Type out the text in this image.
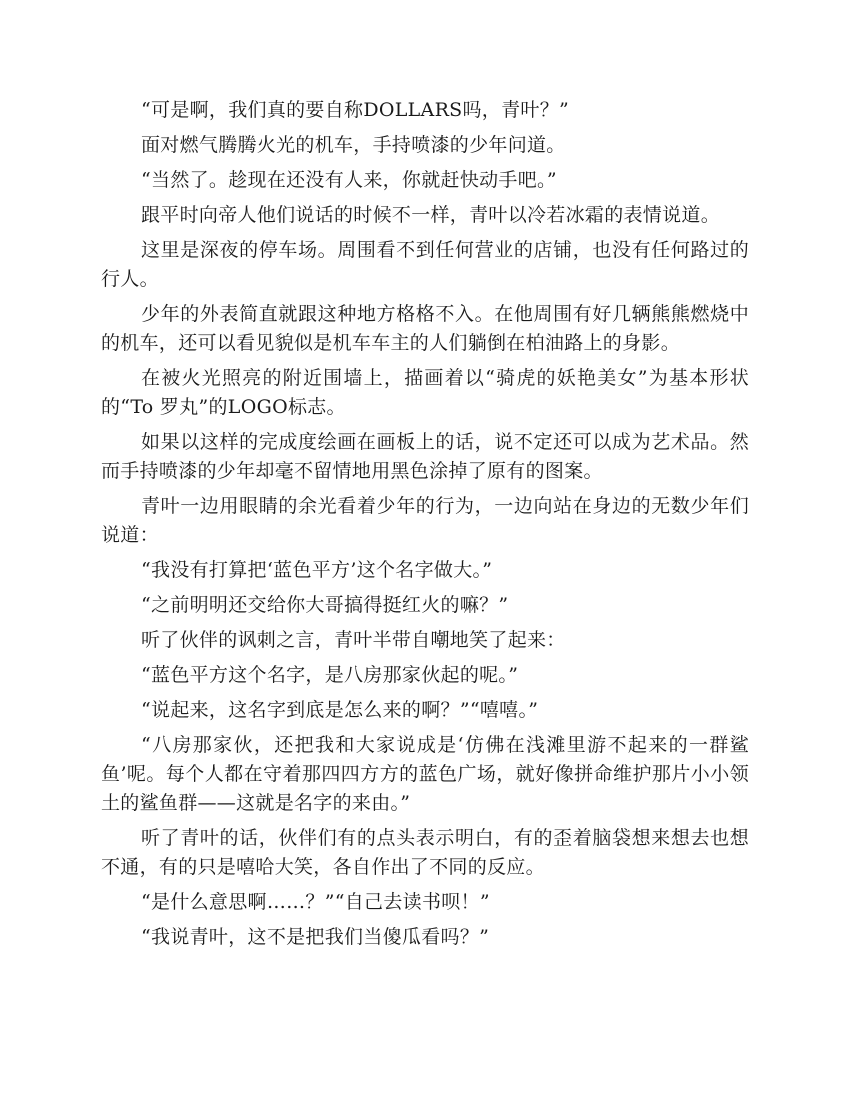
“可是啊，我们真的要自称DOLLARS吗，青叶？”

面对燃气腾腾火光的机车，手持喷漆的少年问道。

“当然了。趁现在还没有人来，你就赶快动手吧。”

跟平时向帝人他们说话的时候不一样，青叶以冷若冰霜的表情说道。

这里是深夜的停车场。周围看不到任何营业的店铺，也没有任何路过的行人。

少年的外表简直就跟这种地方格格不入。在他周围有好几辆熊熊燃烧中的机车，还可以看见貌似是机车车主的人们躺倒在柏油路上的身影。

在被火光照亮的附近围墙上，描画着以“骑虎的妖艳美女”为基本形状的“To 罗丸”的LOGO标志。

如果以这样的完成度绘画在画板上的话，说不定还可以成为艺术品。然而手持喷漆的少年却毫不留情地用黑色涂掉了原有的图案。

青叶一边用眼睛的余光看着少年的行为，一边向站在身边的无数少年们说道：

“我没有打算把‘蓝色平方’这个名字做大。”

“之前明明还交给你大哥搞得挺红火的嘛？”

听了伙伴的讽刺之言，青叶半带自嘲地笑了起来：

“蓝色平方这个名字，是八房那家伙起的呢。”

“说起来，这名字到底是怎么来的啊？”“嘻嘻。”

“八房那家伙，还把我和大家说成是‘仿佛在浅滩里游不起来的一群鲨鱼’呢。每个人都在守着那四四方方的蓝色广场，就好像拼命维护那片小小领土的鲨鱼群——这就是名字的来由。”

听了青叶的话，伙伴们有的点头表示明白，有的歪着脑袋想来想去也想不通，有的只是嘻哈大笑，各自作出了不同的反应。

“是什么意思啊……？”“自己去读书呗！”

“我说青叶，这不是把我们当傻瓜看吗？”
